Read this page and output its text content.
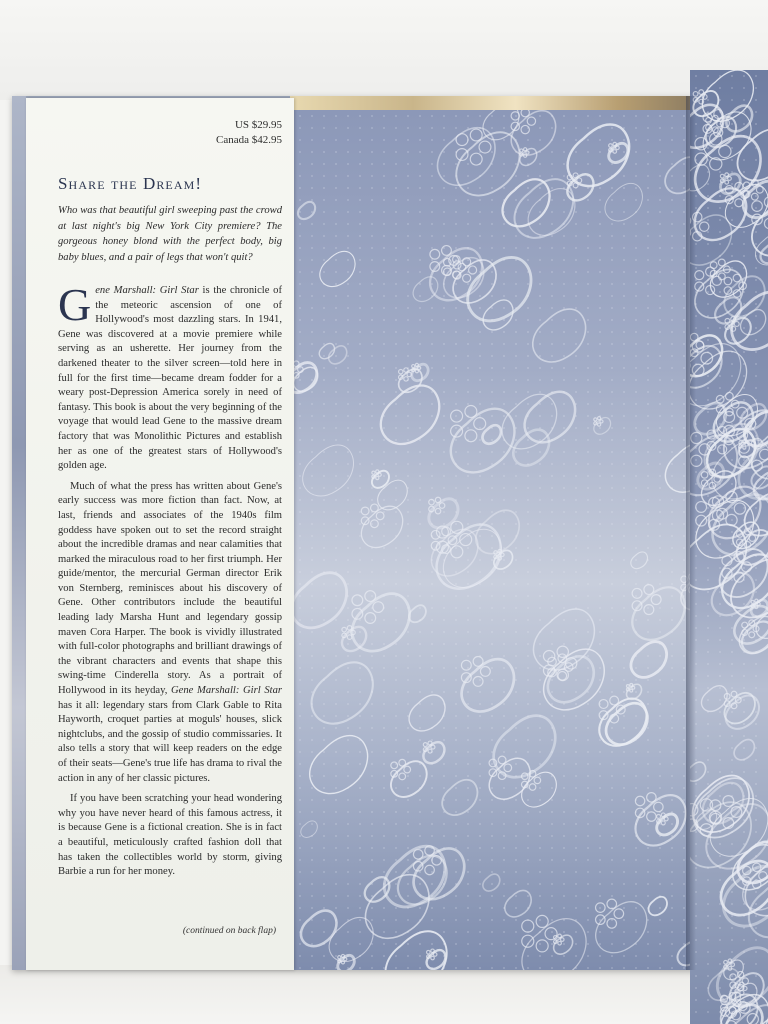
US $29.95
Canada $42.95
Share the Dream!
Who was that beautiful girl sweeping past the crowd at last night's big New York City premiere? The gorgeous honey blond with the perfect body, big baby blues, and a pair of legs that won't quit?

Gene Marshall: Girl Star is the chronicle of the meteoric ascension of one of Hollywood's most dazzling stars. In 1941, Gene was discovered at a movie premiere while serving as an usherette. Her journey from the darkened theater to the silver screen—told here in full for the first time—became dream fodder for a weary post-Depression America sorely in need of fantasy. This book is about the very beginning of the voyage that would lead Gene to the massive dream factory that was Monolithic Pictures and establish her as one of the greatest stars of Hollywood's golden age.

Much of what the press has written about Gene's early success was more fiction than fact. Now, at last, friends and associates of the 1940s film goddess have spoken out to set the record straight about the incredible dramas and near calamities that marked the miraculous road to her first triumph. Her guide/mentor, the mercurial German director Erik von Sternberg, reminisces about his discovery of Gene. Other contributors include the beautiful leading lady Marsha Hunt and legendary gossip maven Cora Harper. The book is vividly illustrated with full-color photographs and brilliant drawings of the vibrant characters and events that shape this swing-time Cinderella story. As a portrait of Hollywood in its heyday, Gene Marshall: Girl Star has it all: legendary stars from Clark Gable to Rita Hayworth, croquet parties at moguls' houses, slick nightclubs, and the gossip of studio commissaries. It also tells a story that will keep readers on the edge of their seats—Gene's true life has drama to rival the action in any of her classic pictures.

If you have been scratching your head wondering why you have never heard of this famous actress, it is because Gene is a fictional creation. She is in fact a beautiful, meticulously crafted fashion doll that has taken the collectibles world by storm, giving Barbie a run for her money.

(continued on back flap)
